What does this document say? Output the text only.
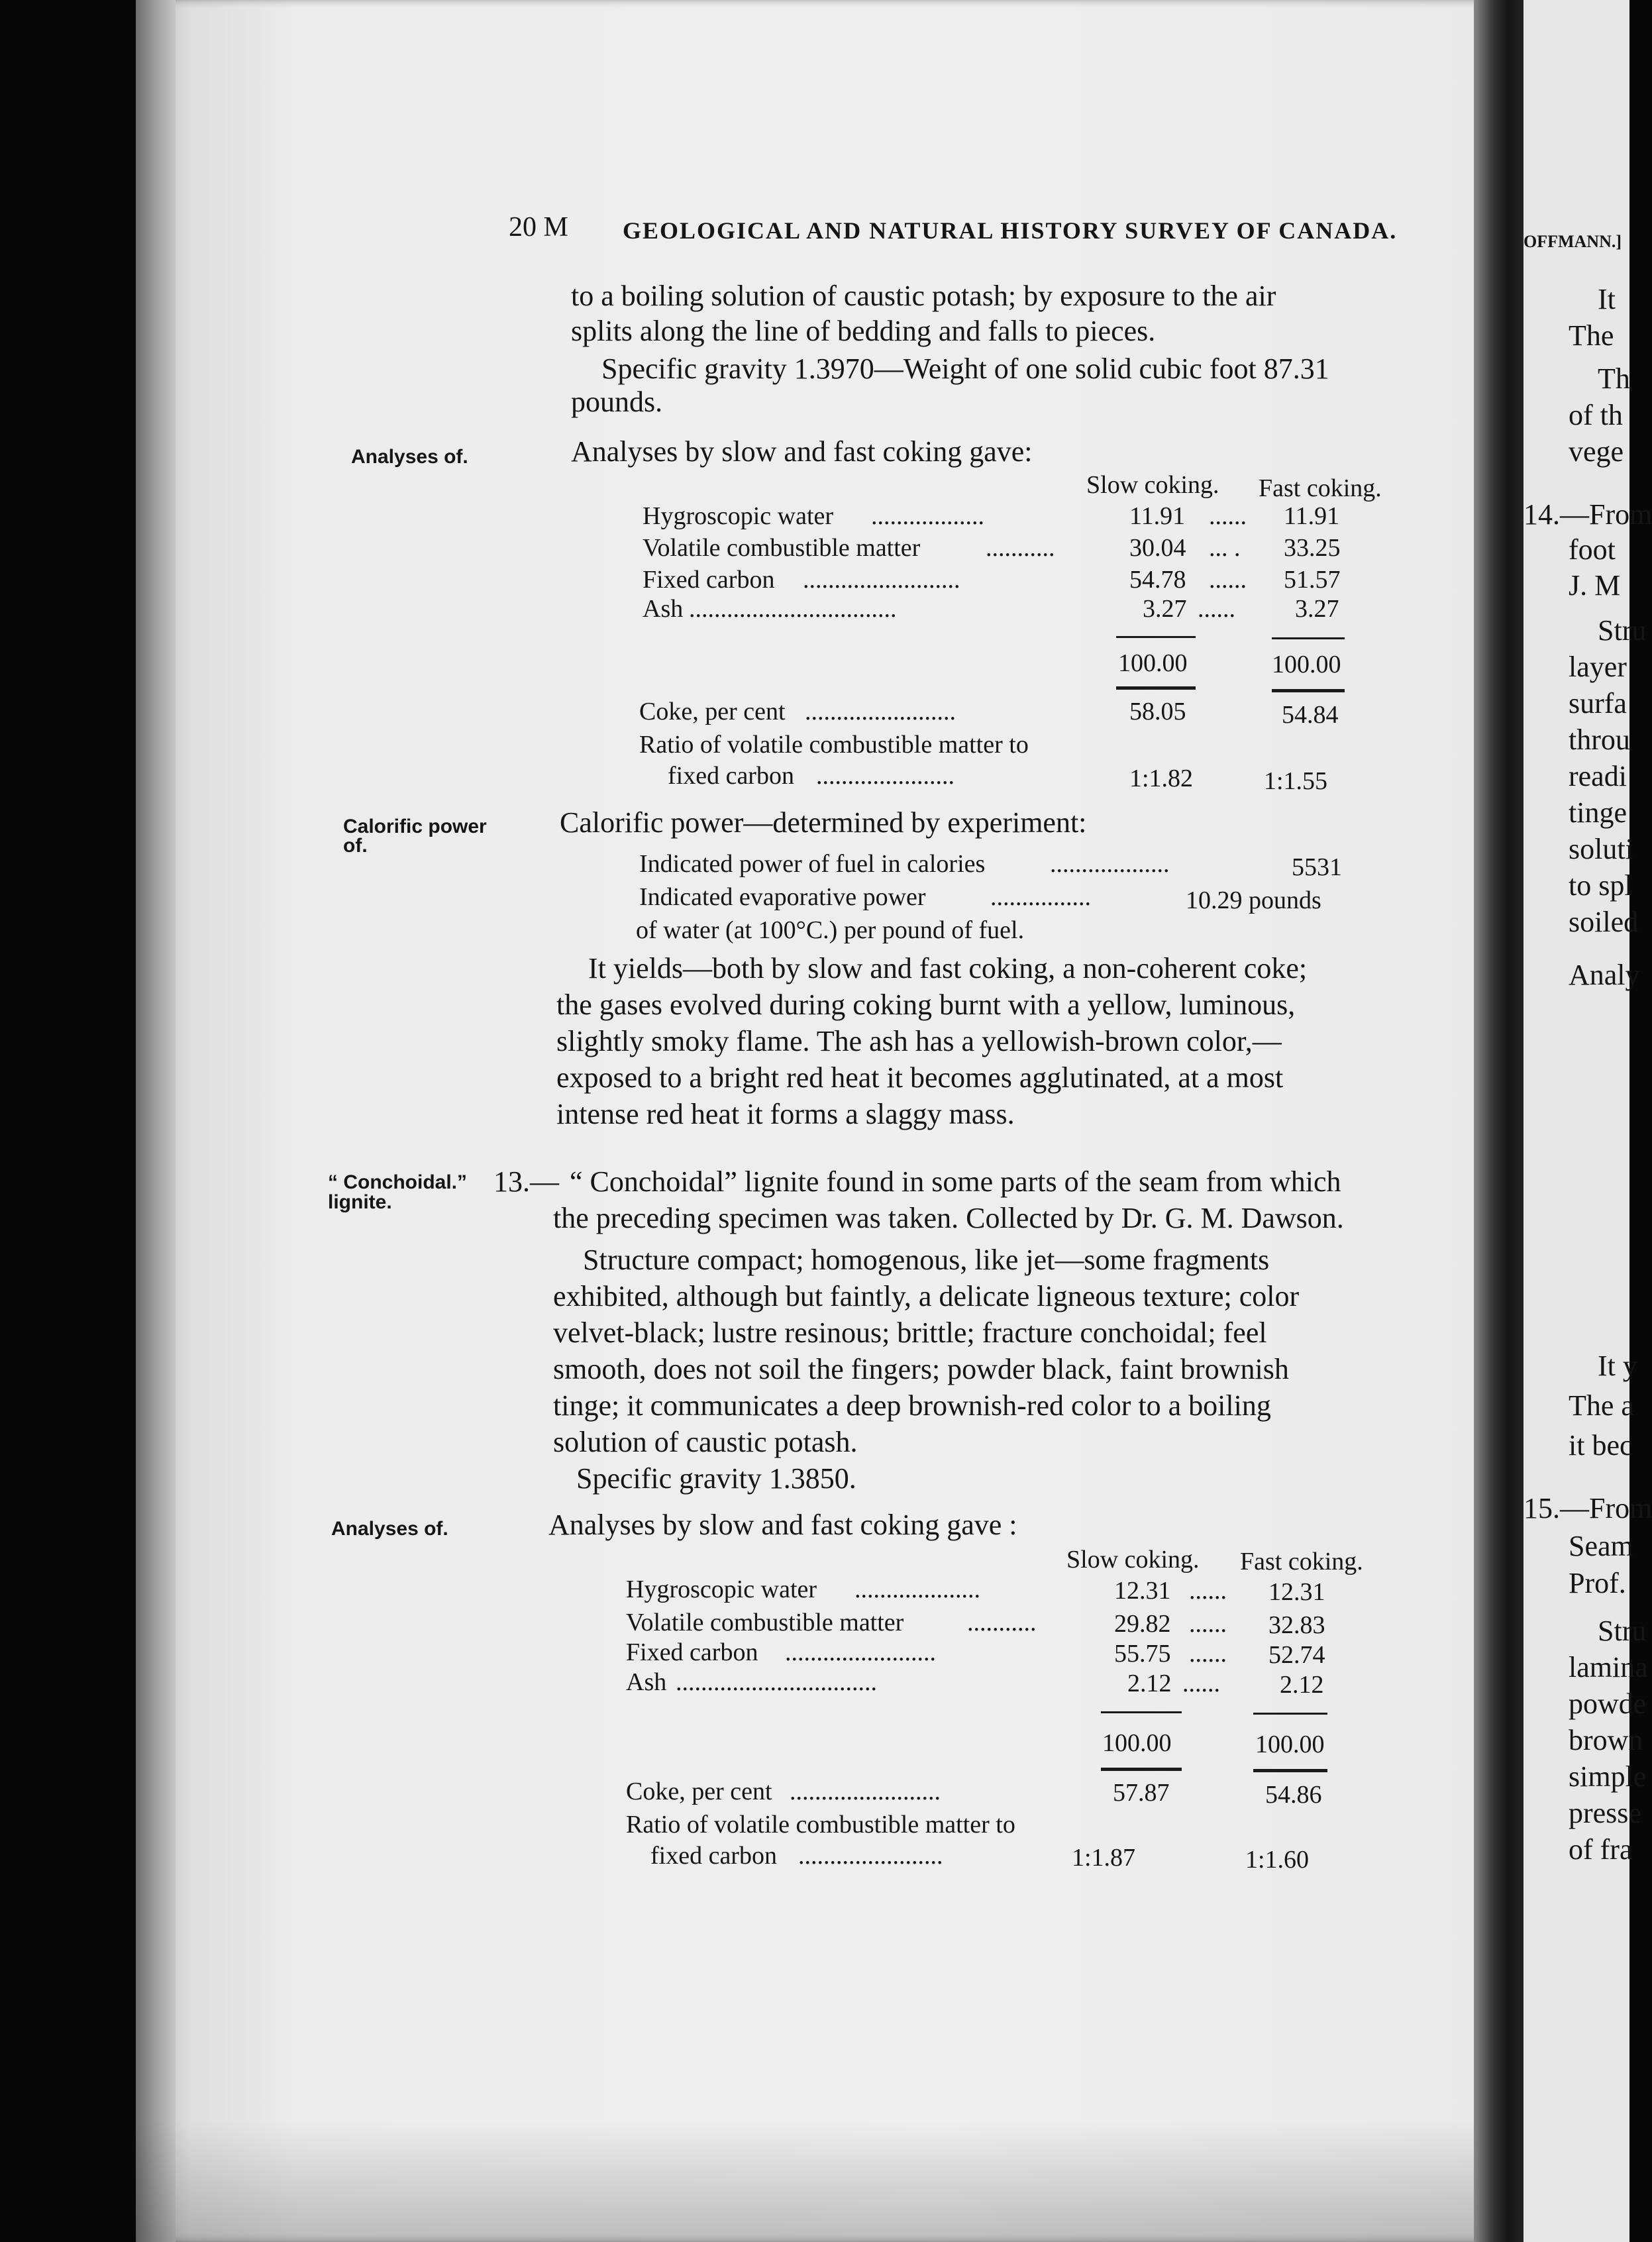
OFFMANN.]
It
The
Th
of th
vege
14.—From
foot
J. M
Stru
layer
surfa
throu
readi
tinge
soluti
to spl
soiled
Analy
It y
The a
it bec
15.—From
Seam
Prof.
Stru
lamina
powde
brown
simple
presse
of fra
20 M GEOLOGICAL AND NATURAL HISTORY SURVEY OF CANADA.
to a boiling solution of caustic potash; by exposure to the air
splits along the line of bedding and falls to pieces.
Specific gravity 1.3970—Weight of one solid cubic foot 87.31
pounds.
Analyses of.
Calorific power
of.
“ Conchoidal.”
lignite.
Analyses of.
Analyses by slow and fast coking gave:
Slow coking. Fast coking.
Hygroscopic water ..................	11.91 ...... 11.91
Volatile combustible matter	...........	30.04 ... . 33.25
Fixed carbon .........................	54.78 ...... 51.57
Ash .................................	3.27 ...... 3.27
100.00	100.00
Coke, per cent ........................	58.05	54.84
Ratio of volatile combustible matter to
fixed carbon ......................	1:1.82	1:1.55
Calorific power—determined by experiment:
Indicated power of fuel in calories	...................	5531
Indicated evaporative power	................	10.29 pounds
of water (at 100°C.) per pound of fuel.
It yields—both by slow and fast coking, a non-coherent coke;
the gases evolved during coking burnt with a yellow, luminous,
slightly smoky flame. The ash has a yellowish-brown color,—
exposed to a bright red heat it becomes agglutinated, at a most
intense red heat it forms a slaggy mass.
13.— “ Conchoidal” lignite found in some parts of the seam from which
the preceding specimen was taken. Collected by Dr. G. M. Dawson.
Structure compact; homogenous, like jet—some fragments
exhibited, although but faintly, a delicate ligneous texture; color
velvet-black; lustre resinous; brittle; fracture conchoidal; feel
smooth, does not soil the fingers; powder black, faint brownish
tinge; it communicates a deep brownish-red color to a boiling
solution of caustic potash.
Specific gravity 1.3850.
Analyses by slow and fast coking gave :
Slow coking. Fast coking.
Hygroscopic water ....................	12.31 ...... 12.31
Volatile combustible matter	...........	29.82 ...... 32.83
Fixed carbon ........................	55.75 ...... 52.74
Ash ................................	2.12 ...... 2.12
100.00	100.00
Coke, per cent ........................	57.87	54.86
Ratio of volatile combustible matter to
fixed carbon .......................	1:1.87	1:1.60
